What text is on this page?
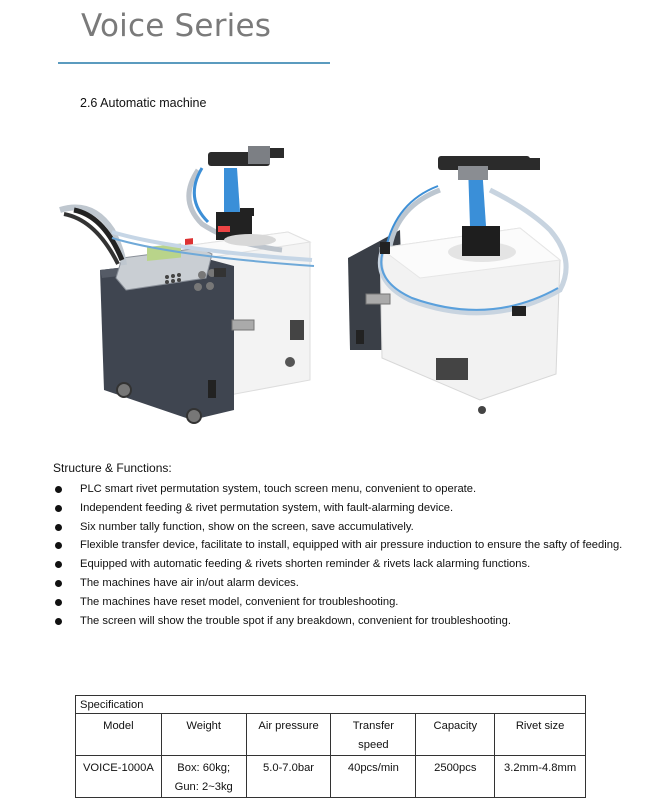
Voice Series
2.6 Automatic machine
Structure & Functions:
PLC smart rivet permutation system, touch screen menu, convenient to operate.
Independent feeding & rivet permutation system, with fault-alarming device.
Six number tally function, show on the screen, save accumulatively.
Flexible transfer device, facilitate to install, equipped with air pressure induction to ensure the safty of feeding.
Equipped with automatic feeding & rivets shorten reminder & rivets lack alarming functions.
The machines have air in/out alarm devices.
The machines have reset model, convenient for troubleshooting.
The screen will show the trouble spot if any breakdown, convenient for troubleshooting.
Specification					
Model	Weight	Air pressure	Transfer speed	Capacity	Rivet size
VOICE-1000A	Box: 60kg; Gun: 2~3kg	5.0-7.0bar	40pcs/min	2500pcs	3.2mm-4.8mm
